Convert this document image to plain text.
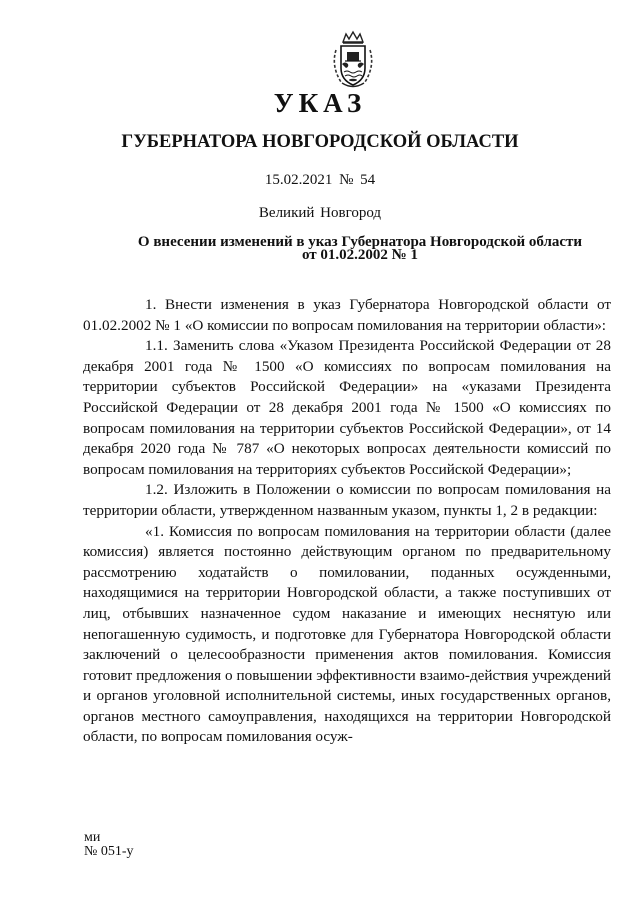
УКАЗ
ГУБЕРНАТОРА НОВГОРОДСКОЙ ОБЛАСТИ
15.02.2021 № 54
Великий Новгород
О внесении изменений в указ Губернатора Новгородской области
от 01.02.2002 № 1

1. Внести изменения в указ Губернатора Новгородской области от 01.02.2002 № 1 «О комиссии по вопросам помилования на территории области»:

1.1. Заменить слова «Указом Президента Российской Федерации от 28 декабря 2001 года № 1500 «О комиссиях по вопросам помилования на территории субъектов Российской Федерации» на «указами Президента Российской Федерации от 28 декабря 2001 года № 1500 «О комиссиях по вопросам помилования на территории субъектов Российской Федерации», от 14 декабря 2020 года № 787 «О некоторых вопросах деятельности комиссий по вопросам помилования на территориях субъектов Российской Федерации»;

1.2. Изложить в Положении о комиссии по вопросам помилования на территории области, утвержденном названным указом, пункты 1, 2 в редакции:

«1. Комиссия по вопросам помилования на территории области (далее комиссия) является постоянно действующим органом по предварительному рассмотрению ходатайств о помиловании, поданных осужденными, находящимися на территории Новгородской области, а также поступивших от лиц, отбывших назначенное судом наказание и имеющих неснятую или непогашенную судимость, и подготовке для Губернатора Новгородской области заключений о целесообразности применения актов помилования. Комиссия готовит предложения о повышении эффективности взаимо-действия учреждений и органов уголовной исполнительной системы, иных государственных органов, органов местного самоуправления, находящихся на территории Новгородской области, по вопросам помилования осуж-

ми
№ 051-у
